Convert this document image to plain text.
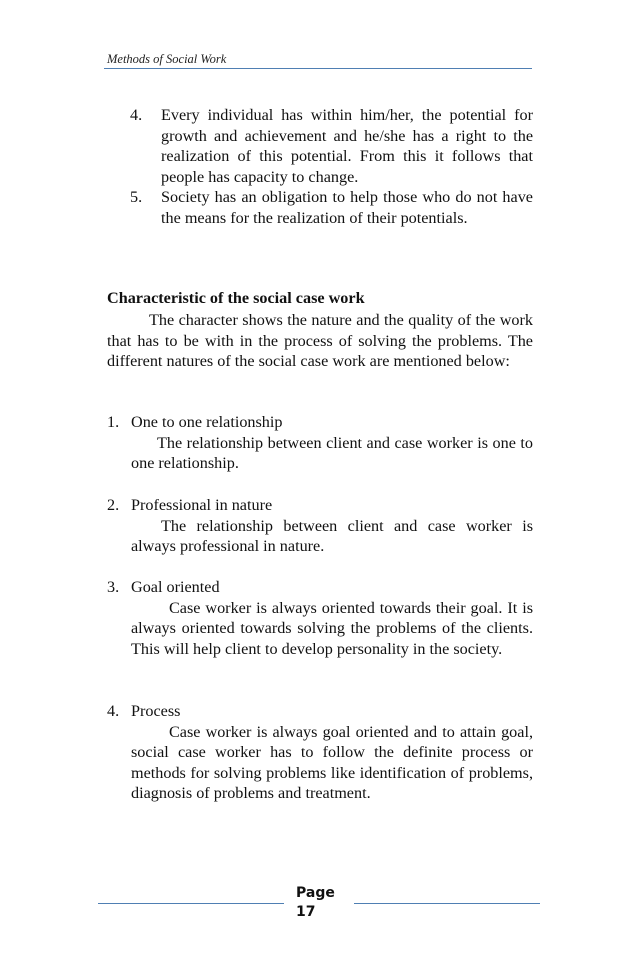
Methods of Social Work
4. Every individual has within him/her, the potential for growth and achievement and he/she has a right to the realization of this potential. From this it follows that people has capacity to change.

5. Society has an obligation to help those who do not have the means for the realization of their potentials.

Characteristic of the social case work

The character shows the nature and the quality of the work that has to be with in the process of solving the problems. The different natures of the social case work are mentioned below:

1. One to one relationship

The relationship between client and case worker is one to one relationship.

2. Professional in nature

The relationship between client and case worker is always professional in nature.

3. Goal oriented

Case worker is always oriented towards their goal. It is always oriented towards solving the problems of the clients. This will help client to develop personality in the society.

4. Process

Case worker is always goal oriented and to attain goal, social case worker has to follow the definite process or methods for solving problems like identification of problems, diagnosis of problems and treatment.

Page
17
